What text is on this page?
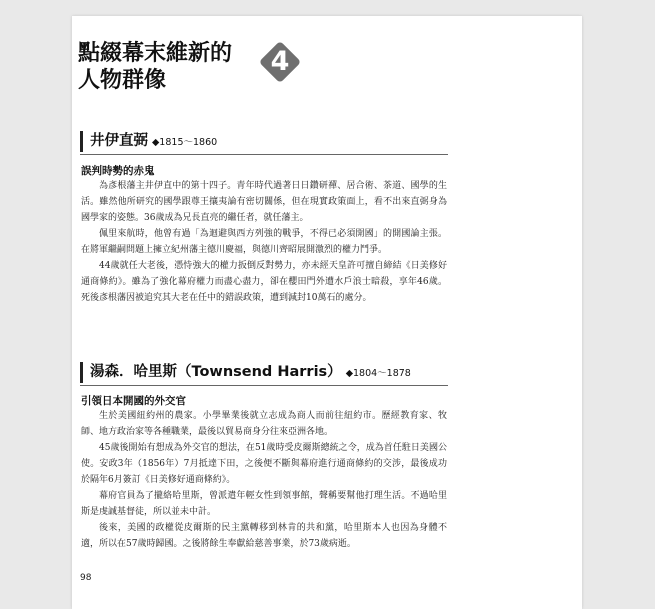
點綴幕末維新的
人物群像
4
井伊直弼 ◆1815～1860
誤判時勢的赤鬼

為彥根藩主井伊直中的第十四子。青年時代過著日日鑽研禪、居合術、茶道、國學的生活。雖然他所研究的國學跟尊王攘夷論有密切關係，但在現實政策面上，看不出來直弼身為國學家的姿態。36歲成為兄長直亮的繼任者，就任藩主。

佩里來航時，他曾有過「為迴避與西方列強的戰爭，不得已必須開國」的開國論主張。在將軍繼嗣問題上擁立紀州藩主德川慶福，與德川齊昭展開激烈的權力鬥爭。

44歲就任大老後，憑恃強大的權力扳倒反對勢力，亦未經天皇許可擅自締結《日美修好通商條約》。雖為了強化幕府權力而盡心盡力，卻在櫻田門外遭水戶浪士暗殺，享年46歲。死後彥根藩因被追究其大老在任中的錯誤政策，遭到減封10萬石的處分。

湯森．哈里斯（Townsend Harris） ◆1804～1878
引領日本開國的外交官

生於美國紐約州的農家。小學畢業後就立志成為商人而前往紐約市。歷經教育家、牧師、地方政治家等各種職業，最後以貿易商身分往來亞洲各地。

45歲後開始有想成為外交官的想法，在51歲時受皮爾斯總統之令，成為首任駐日美國公使。安政3年（1856年）7月抵達下田，之後便不斷與幕府進行通商條約的交涉，最後成功於隔年6月簽訂《日美修好通商條約》。

幕府官員為了攏絡哈里斯，曾派遣年輕女性到領事館，聲稱要幫他打理生活。不過哈里斯是虔誠基督徒，所以並未中計。

後來，美國的政權從皮爾斯的民主黨轉移到林肯的共和黨，哈里斯本人也因為身體不適，所以在57歲時歸國。之後將餘生奉獻給慈善事業，於73歲病逝。

98
